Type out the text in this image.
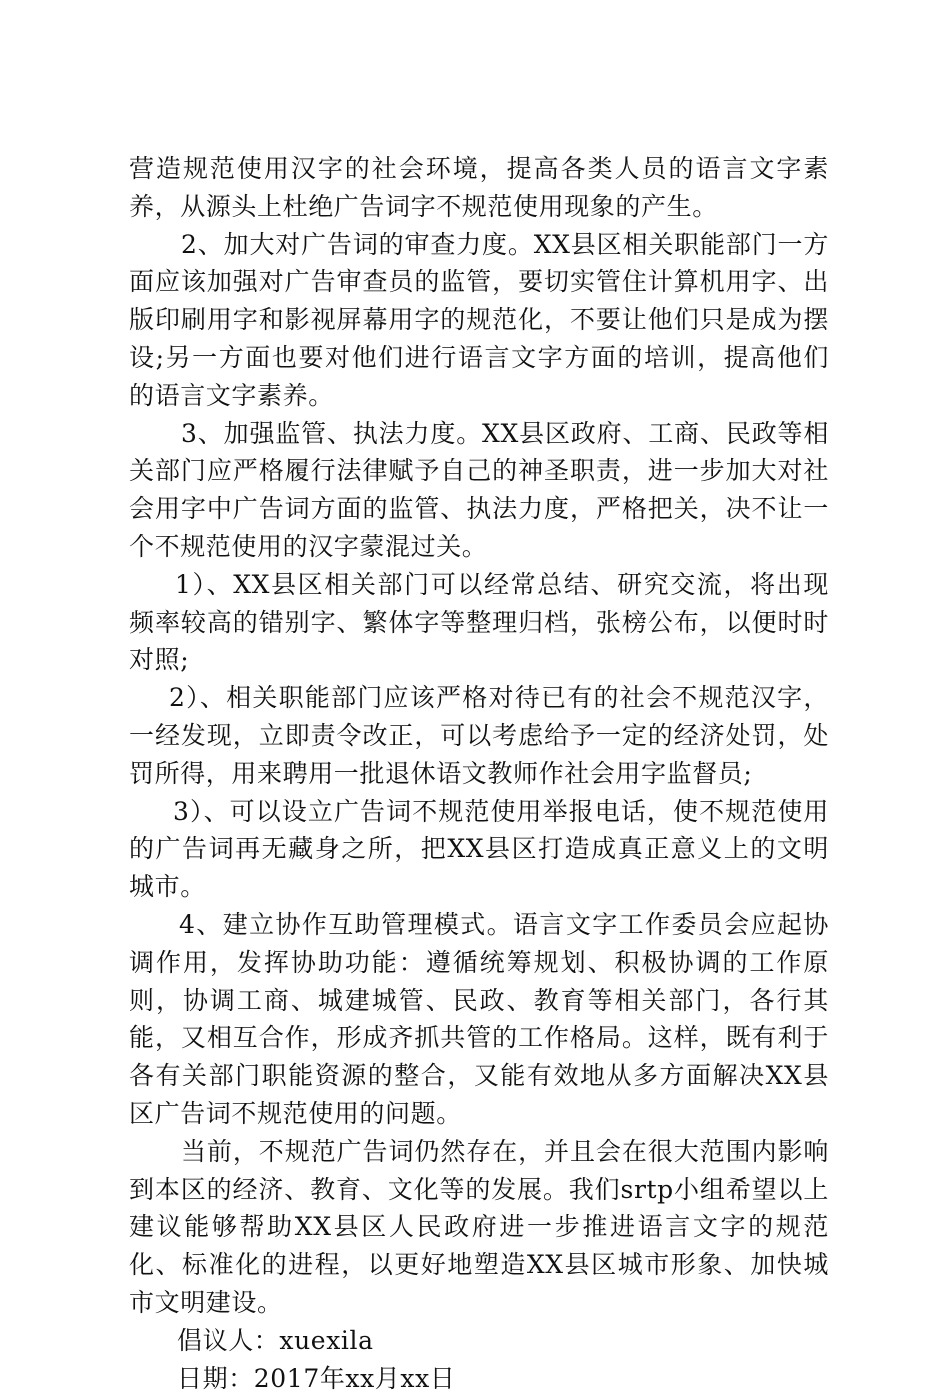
营造规范使用汉字的社会环境，提高各类人员的语言文字素养，从源头上杜绝广告词字不规范使用现象的产生。

2、加大对广告词的审查力度。XX县区相关职能部门一方面应该加强对广告审查员的监管，要切实管住计算机用字、出版印刷用字和影视屏幕用字的规范化，不要让他们只是成为摆设;另一方面也要对他们进行语言文字方面的培训，提高他们的语言文字素养。

3、加强监管、执法力度。XX县区政府、工商、民政等相关部门应严格履行法律赋予自己的神圣职责，进一步加大对社会用字中广告词方面的监管、执法力度，严格把关，决不让一个不规范使用的汉字蒙混过关。

1）、XX县区相关部门可以经常总结、研究交流，将出现频率较高的错别字、繁体字等整理归档，张榜公布，以便时时对照;

2）、相关职能部门应该严格对待已有的社会不规范汉字，一经发现，立即责令改正，可以考虑给予一定的经济处罚，处罚所得，用来聘用一批退休语文教师作社会用字监督员;

3）、可以设立广告词不规范使用举报电话，使不规范使用的广告词再无藏身之所，把XX县区打造成真正意义上的文明城市。

4、建立协作互助管理模式。语言文字工作委员会应起协调作用，发挥协助功能：遵循统筹规划、积极协调的工作原则，协调工商、城建城管、民政、教育等相关部门，各行其能，又相互合作，形成齐抓共管的工作格局。这样，既有利于各有关部门职能资源的整合，又能有效地从多方面解决XX县区广告词不规范使用的问题。

当前，不规范广告词仍然存在，并且会在很大范围内影响到本区的经济、教育、文化等的发展。我们srtp小组希望以上建议能够帮助XX县区人民政府进一步推进语言文字的规范化、标准化的进程，以更好地塑造XX县区城市形象、加快城市文明建设。

倡议人：xuexila

日期：2017年xx月xx日
